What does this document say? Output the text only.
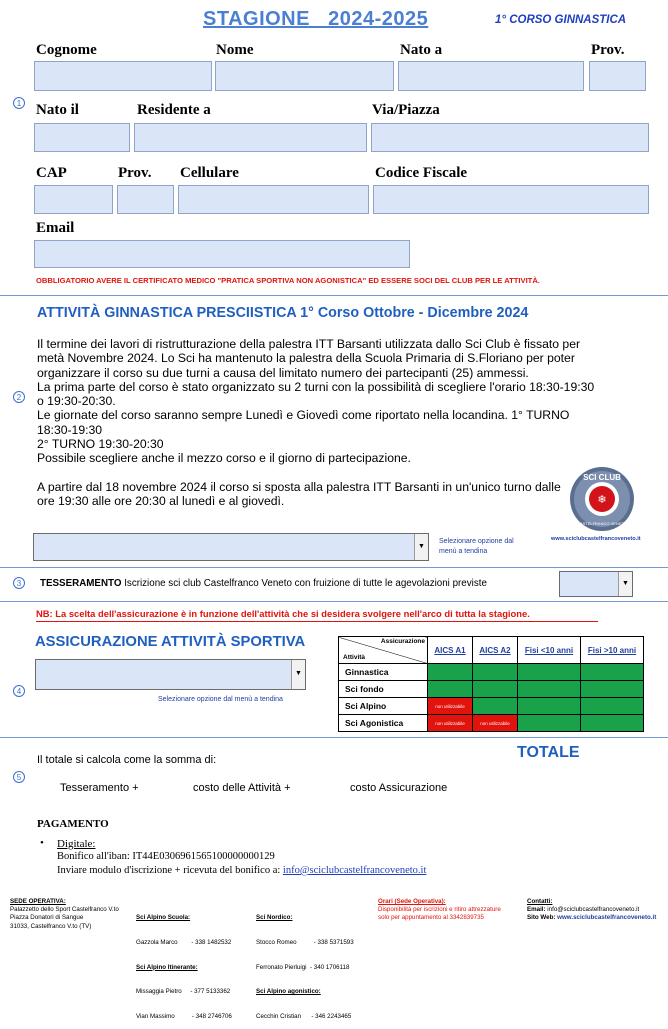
STAGIONE   2024-2025	1° CORSO GINNASTICA
1
Cognome	Nome	Nato a	Prov.
Nato il	Residente a	Via/Piazza
CAP	Prov. Cellulare	Codice Fiscale
Email
OBBLIGATORIO AVERE IL CERTIFICATO MEDICO "PRATICA SPORTIVA NON AGONISTICA" ED ESSERE SOCI DEL CLUB PER LE ATTIVITÀ.
ATTIVITÀ GINNASTICA PRESCIISTICA 1° Corso Ottobre - Dicembre 2024
2

Il termine dei lavori di ristrutturazione della palestra ITT Barsanti utilizzata dallo Sci Club è fissato per

metà Novembre 2024. Lo Sci ha mantenuto la palestra della Scuola Primaria di S.Floriano per poter

organizzare il corso su due turni a causa del limitato numero dei partecipanti (25) ammessi.

La prima parte del corso è stato organizzato su 2 turni con la possibilità di scegliere l'orario 18:30-19:30

o 19:30-20:30.

Le giornate del corso saranno sempre Lunedì e Giovedì come riportato nella locandina. 1° TURNO

18:30-19:30

2° TURNO 19:30-20:30

Possibile scegliere anche il mezzo corso e il giorno di partecipazione.

A partire dal 18 novembre 2024 il corso si sposta alla palestra ITT Barsanti in un'unico turno dalle

ore 19:30 alle ore 20:30 al lunedì e al giovedì.	❄
SCI CLUB
CASTELFRANCO VENETO
www.sciclubcastelfrancoveneto.it
▼
Selezionare opzione dal menù a tendina
3	TESSERAMENTO Iscrizione sci club Castelfranco Veneto con fruizione di tutte le agevolazioni previste	▼
NB: La scelta dell'assicurazione è in funzione dell'attività che si desidera svolgere nell'arco di tutta la stagione.
ASSICURAZIONE ATTIVITÀ SPORTIVA
4
▼
Selezionare opzione dal menù a tendina
Assicurazione
Attività	AICS A1	AICS A2	Fisi <10 anni	Fisi >10 anni
Ginnastica				
Sci fondo				
Sci Alpino	non utilizzabile			
Sci Agonistica	non utilizzabile	non utilizzabile		
Il totale si calcola come la somma di:	TOTALE
5
Tesseramento +	costo delle Attività +	costo Assicurazione
PAGAMENTO
• Digitale:
Bonifico all'iban: IT44E0306961565100000000129
Inviare modulo d'iscrizione + ricevuta del bonifico a: info@sciclubcastelfrancoveneto.it
SEDE OPERATIVA:
Palazzetto dello Sport Castelfranco V.to
Piazza Donatori di Sangue
31033, Castelfranco V.to (TV)

Sci Alpino Scuola:

Gazzola Marco        - 338 1482532

Sci Alpino Itinerante:

Missaggia Pietro     - 377 5133362

Vian Massimo          - 348 2746706

Sci Nordico:

Stocco Romeo          - 338 5371593

Ferronato Pierluigi  - 340 1706118

Sci Alpino agonistico:

Cecchin Cristian      - 346 2243465

Orari (Sede Operativa):
Disponibilità per iscrizioni e ritiro attrezzature
solo per appuntamento al 3342839735
Contatti:
Email: info@sciclubcastelfrancoveneto.it
Sito Web: www.sciclubcastelfrancoveneto.it
